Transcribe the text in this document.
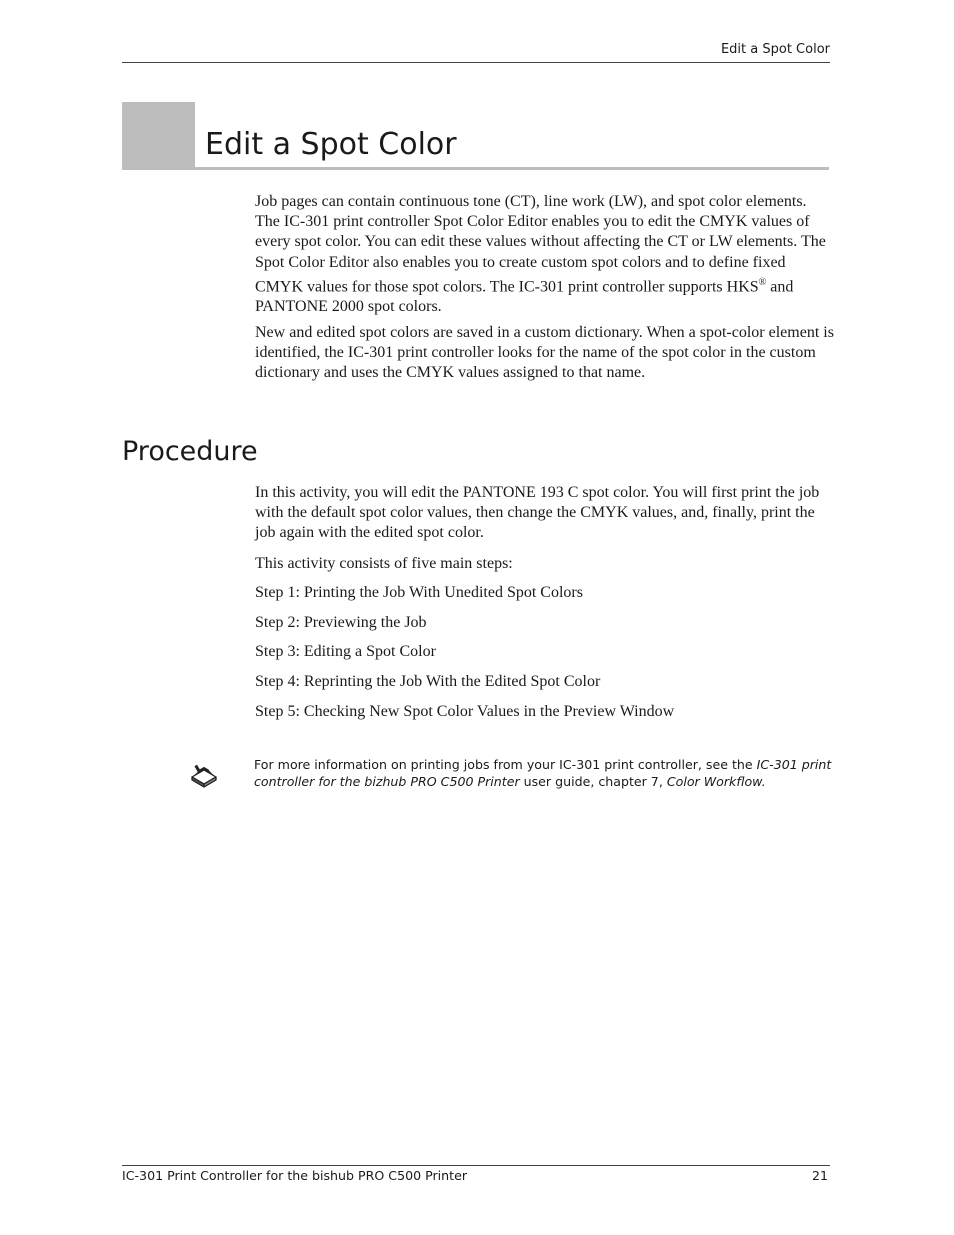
Edit a Spot Color
Edit a Spot Color

Job pages can contain continuous tone (CT), line work (LW), and spot color elements. The IC-301 print controller Spot Color Editor enables you to edit the CMYK values of every spot color. You can edit these values without affecting the CT or LW elements. The Spot Color Editor also enables you to create custom spot colors and to define fixed CMYK values for those spot colors. The IC-301 print controller supports HKS® and PANTONE 2000 spot colors.

New and edited spot colors are saved in a custom dictionary. When a spot-color element is identified, the IC-301 print controller looks for the name of the spot color in the custom dictionary and uses the CMYK values assigned to that name.

Procedure

In this activity, you will edit the PANTONE 193 C spot color. You will first print the job with the default spot color values, then change the CMYK values, and, finally, print the job again with the edited spot color.

This activity consists of five main steps:

Step 1: Printing the Job With Unedited Spot Colors

Step 2: Previewing the Job

Step 3: Editing a Spot Color

Step 4: Reprinting the Job With the Edited Spot Color

Step 5: Checking New Spot Color Values in the Preview Window

For more information on printing jobs from your IC-301 print controller, see the IC-301 print controller for the bizhub PRO C500 Printer user guide, chapter 7, Color Workflow.

IC-301 Print Controller for the bishub PRO C500 Printer	21
